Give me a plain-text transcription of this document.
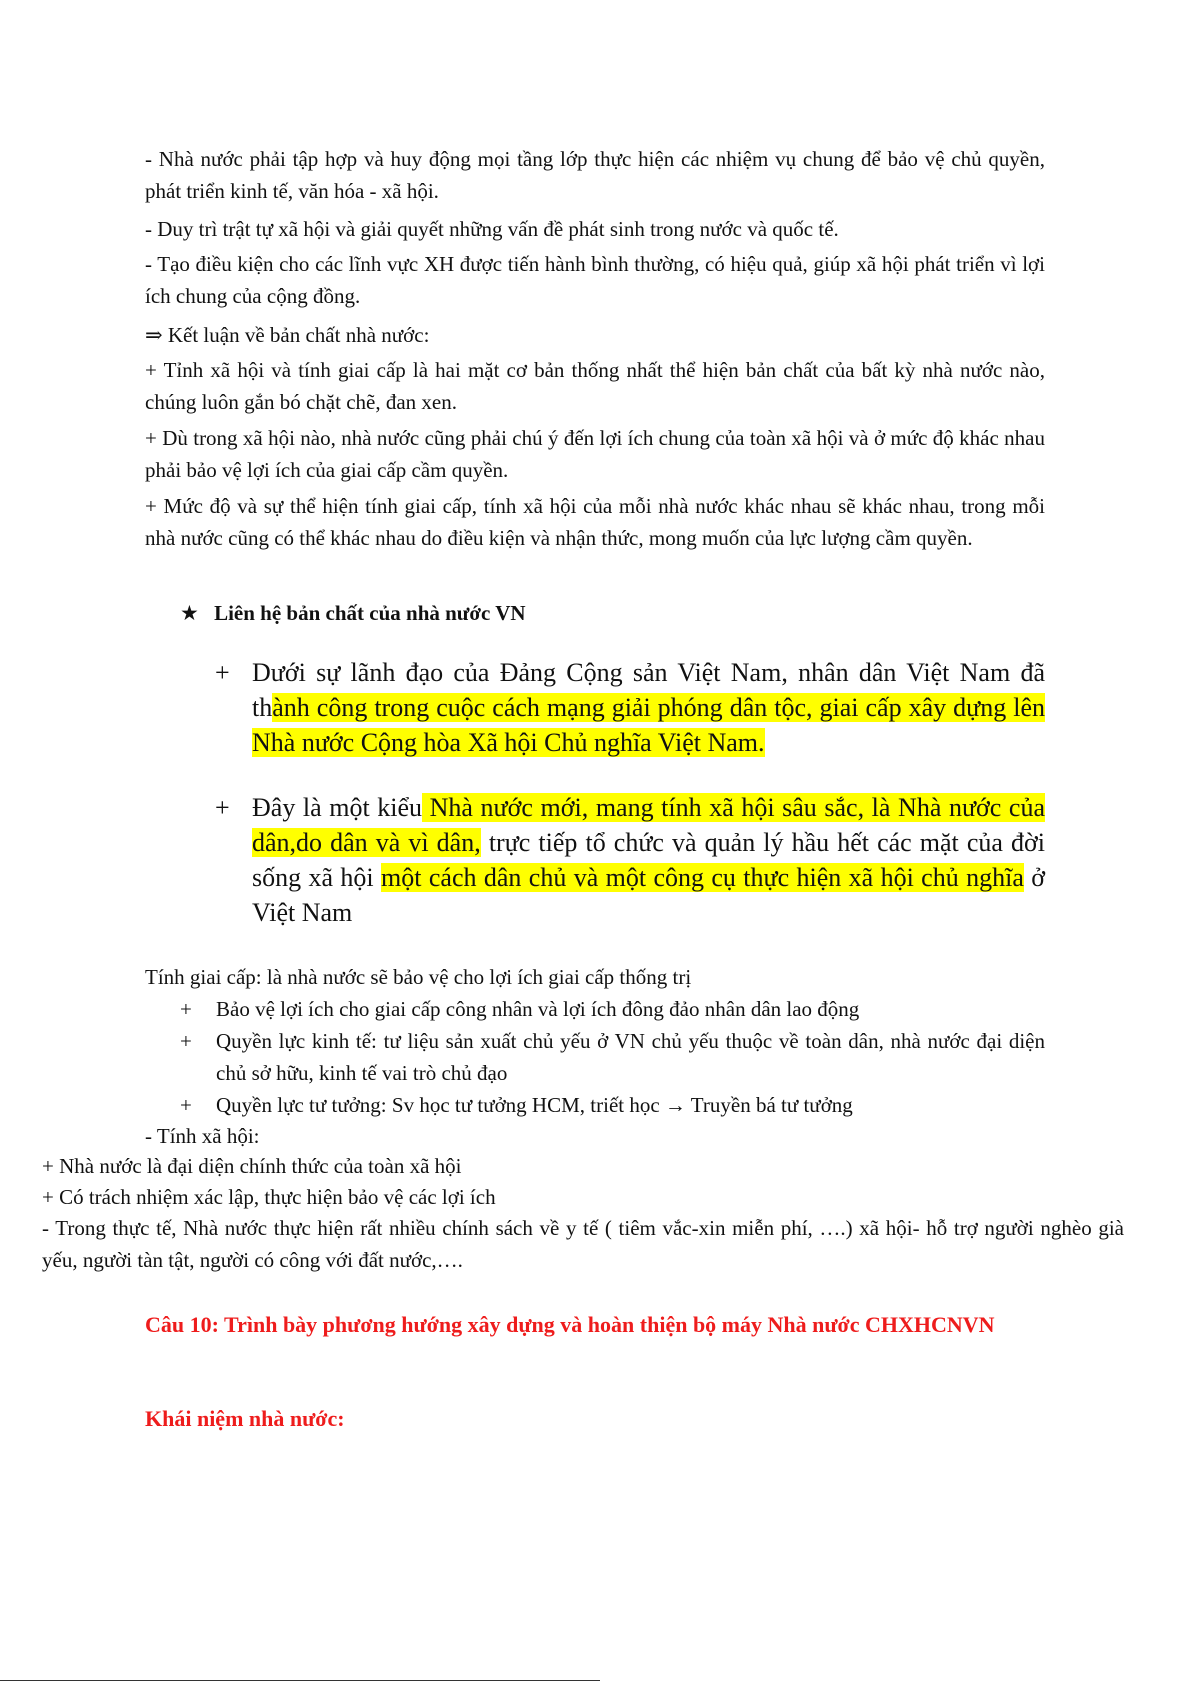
- Nhà nước phải tập hợp và huy động mọi tầng lớp thực hiện các nhiệm vụ chung để bảo vệ chủ quyền, phát triển kinh tế, văn hóa - xã hội.

- Duy trì trật tự xã hội và giải quyết những vấn đề phát sinh trong nước và quốc tế.

- Tạo điều kiện cho các lĩnh vực XH được tiến hành bình thường, có hiệu quả, giúp xã hội phát triển vì lợi ích chung của cộng đồng.

⇒ Kết luận về bản chất nhà nước:

+ Tỉnh xã hội và tính giai cấp là hai mặt cơ bản thống nhất thể hiện bản chất của bất kỳ nhà nước nào, chúng luôn gắn bó chặt chẽ, đan xen.

+ Dù trong xã hội nào, nhà nước cũng phải chú ý đến lợi ích chung của toàn xã hội và ở mức độ khác nhau phải bảo vệ lợi ích của giai cấp cầm quyền.

+ Mức độ và sự thể hiện tính giai cấp, tính xã hội của mỗi nhà nước khác nhau sẽ khác nhau, trong mỗi nhà nước cũng có thể khác nhau do điều kiện và nhận thức, mong muốn của lực lượng cầm quyền.

★ Liên hệ bản chất của nhà nước VN
+ Dưới sự lãnh đạo của Đảng Cộng sản Việt Nam, nhân dân Việt Nam đã thành công trong cuộc cách mạng giải phóng dân tộc, giai cấp xây dựng lên Nhà nước Cộng hòa Xã hội Chủ nghĩa Việt Nam.

+ Đây là một kiểu Nhà nước mới, mang tính xã hội sâu sắc, là Nhà nước của dân,do dân và vì dân, trực tiếp tổ chức và quản lý hầu hết các mặt của đời sống xã hội một cách dân chủ và một công cụ thực hiện xã hội chủ nghĩa ở Việt Nam

Tính giai cấp: là nhà nước sẽ bảo vệ cho lợi ích giai cấp thống trị

+ Bảo vệ lợi ích cho giai cấp công nhân và lợi ích đông đảo nhân dân lao động

+ Quyền lực kinh tế: tư liệu sản xuất chủ yếu ở VN chủ yếu thuộc về toàn dân, nhà nước đại diện chủ sở hữu, kinh tế vai trò chủ đạo

+ Quyền lực tư tưởng: Sv học tư tưởng HCM, triết học → Truyền bá tư tưởng

- Tính xã hội:

+ Nhà nước là đại diện chính thức của toàn xã hội

+ Có trách nhiệm xác lập, thực hiện bảo vệ các lợi ích

- Trong thực tế, Nhà nước thực hiện rất nhiều chính sách về y tế ( tiêm vắc-xin miễn phí, ….) xã hội- hỗ trợ người nghèo già yếu, người tàn tật, người có công với đất nước,….

Câu 10: Trình bày phương hướng xây dựng và hoàn thiện bộ máy Nhà nước CHXHCNVN

Khái niệm nhà nước:
